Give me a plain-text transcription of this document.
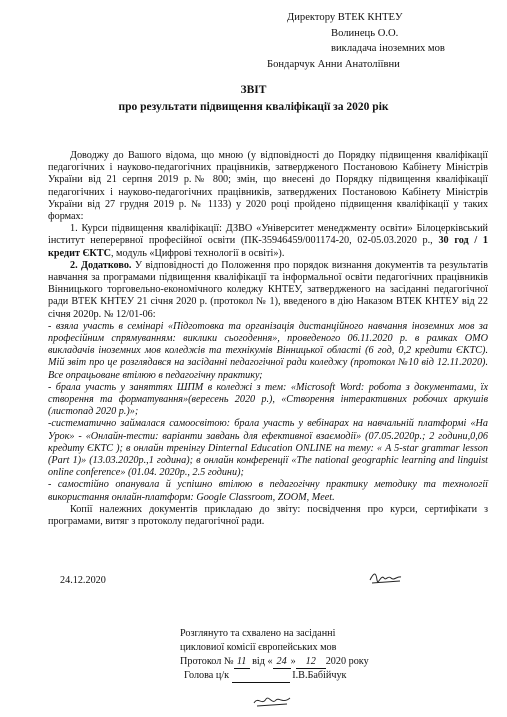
Директору ВТЕК КНТЕУ
Волинець О.О.
викладача іноземних мов
Бондарчук Анни Анатоліївни
ЗВІТ
про результати підвищення кваліфікації за 2020 рік

Доводжу до Вашого відома, що мною (у відповідності до Порядку підвищення кваліфікації педагогічних і науково-педагогічних працівників, затвердженого Постановою Кабінету Міністрів України від 21 серпня 2019 р.№ 800; змін, що внесені до Порядку підвищення кваліфікації педагогічних і науково-педагогічних працівників, затверджених Постановою Кабінету Міністрів України від 27 грудня 2019 р. № 1133) у 2020 році пройдено підвищення кваліфікації у таких формах:

1. Курси підвищення кваліфікації: ДЗВО «Університет менеджменту освіти» Білоцерківський інститут неперервної професійної освіти (ПК-35946459/001174-20, 02-05.03.2020 р., 30 год / 1 кредит ЄКТС, модуль «Цифрові технології в освіті»).

2. Додатково. У відповідності до Положення про порядок визнання документів та результатів навчання за програмами підвищення кваліфікації та інформальної освіти педагогічних працівників Вінницького торговельно-економічного коледжу КНТЕУ, затвердженого на засіданні педагогічної ради ВТЕК КНТЕУ 21 січня 2020 р. (протокол № 1), введеного в дію Наказом ВТЕК КНТЕУ від 22 січня 2020р. № 12/01-06:

- взяла участь в семінарі «Підготовка та організація дистанційного навчання іноземних мов за професійним спрямуванням: виклики сьогодення», проведеного 06.11.2020 р. в рамках ОМО викладачів іноземних мов коледжів та технікумів Вінницької області (6 год, 0,2 кредити ЄКТС). Мій звіт про це розглядався на засіданні педагогічної ради коледжу (протокол №10 від 12.11.2020). Все опрацьоване втілюю в педагогічну практику;

- брала участь у заняттях ШПМ в коледжі з тем: «Microsoft Word: робота з документами, їх створення та форматування»(вересень 2020 р.), «Створення інтерактивних робочих аркушів (листопад 2020 р.)»;

-систематично займалася самоосвітою: брала участь у вебінарах на навчальній платформі «На Урок» - «Онлайн-тести: варіанти завдань для ефективної взаємодії» (07.05.2020р.; 2 години,0,06 кредиту ЄКТС ); в онлайн тренінгу Dinternal Education ONLINE на тему: « A 5-star grammar lesson (Part 1)» (13.03.2020р.,1 година); в онлайн конференції «The national geographic learning and linguist online conference» (01.04. 2020р., 2.5 години);

- самостійно опанувала й успішно втілюю в педагогічну практику методику та технології використання онлайн-платформ: Google Classroom, ZOOM, Meet.

Копії належних документів прикладаю до звіту: посвідчення про курси, сертифікати з програмами, витяг з протоколу педагогічної ради.

24.12.2020
Розглянуто та схвалено на засіданні
цикловиої комісії європейських мов
Протокол № 11 від « 24 » 12 2020 року
Голова ц/к	І.В.Бабійчук
